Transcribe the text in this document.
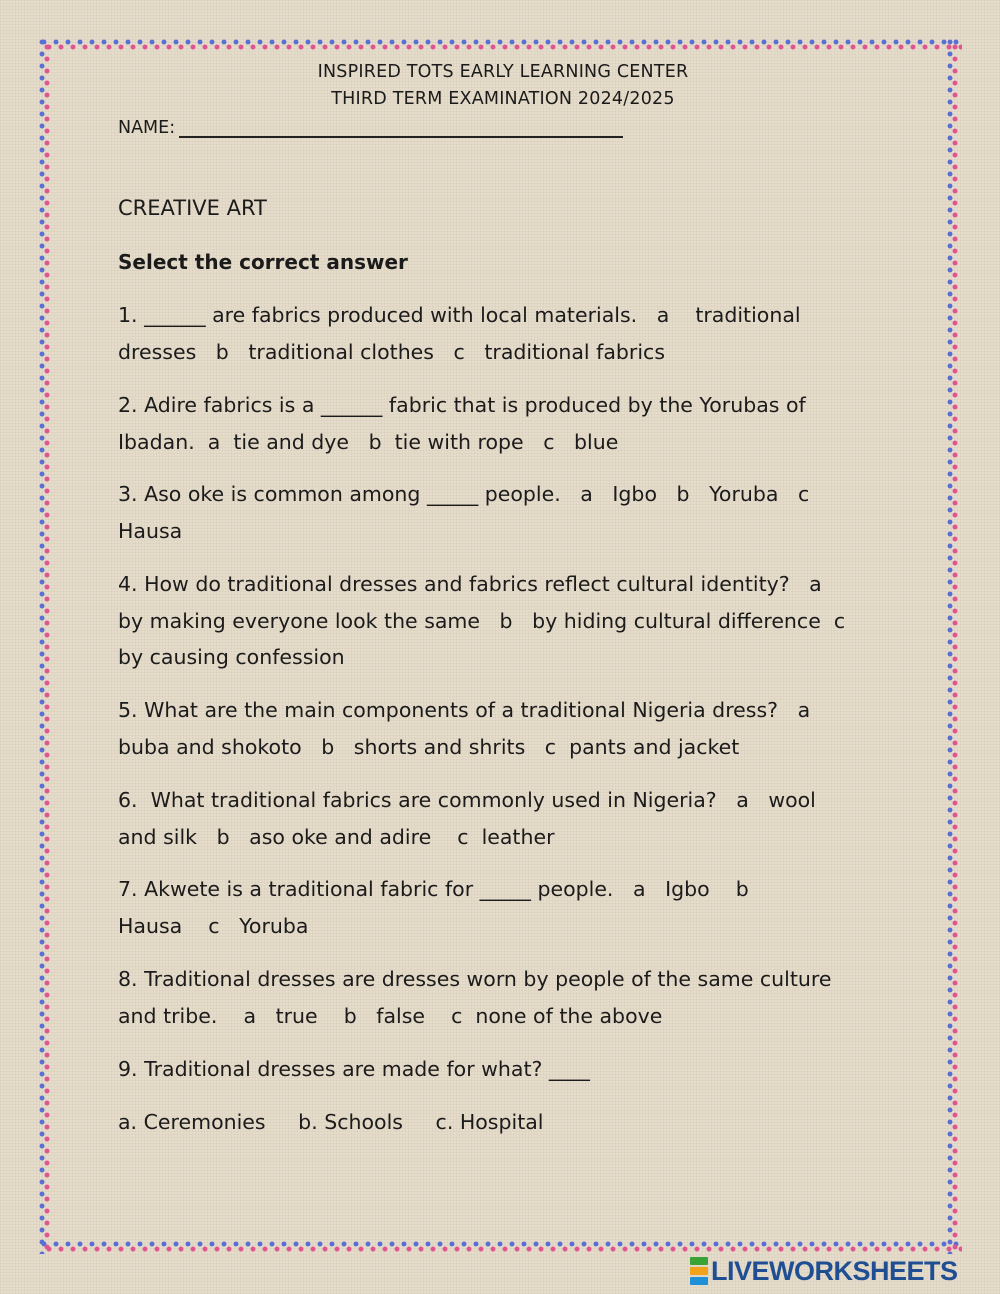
INSPIRED TOTS EARLY LEARNING CENTER
THIRD TERM EXAMINATION 2024/2025
NAME:
CREATIVE ART
Select the correct answer
1. ______ are fabrics produced with local materials.   a    traditional
dresses   b   traditional clothes   c   traditional fabrics
2. Adire fabrics is a ______ fabric that is produced by the Yorubas of
Ibadan.  a  tie and dye   b  tie with rope   c   blue
3. Aso oke is common among _____ people.   a   Igbo   b   Yoruba   c
Hausa
4. How do traditional dresses and fabrics reflect cultural identity?   a
by making everyone look the same   b   by hiding cultural difference  c
by causing confession
5. What are the main components of a traditional Nigeria dress?   a
buba and shokoto   b   shorts and shrits   c  pants and jacket
6.  What traditional fabrics are commonly used in Nigeria?   a   wool
and silk   b   aso oke and adire    c  leather
7. Akwete is a traditional fabric for _____ people.   a   Igbo    b
Hausa    c   Yoruba
8. Traditional dresses are dresses worn by people of the same culture
and tribe.    a   true    b   false    c  none of the above
9. Traditional dresses are made for what? ____
a. Ceremonies     b. Schools     c. Hospital
LIVEWORKSHEETS
